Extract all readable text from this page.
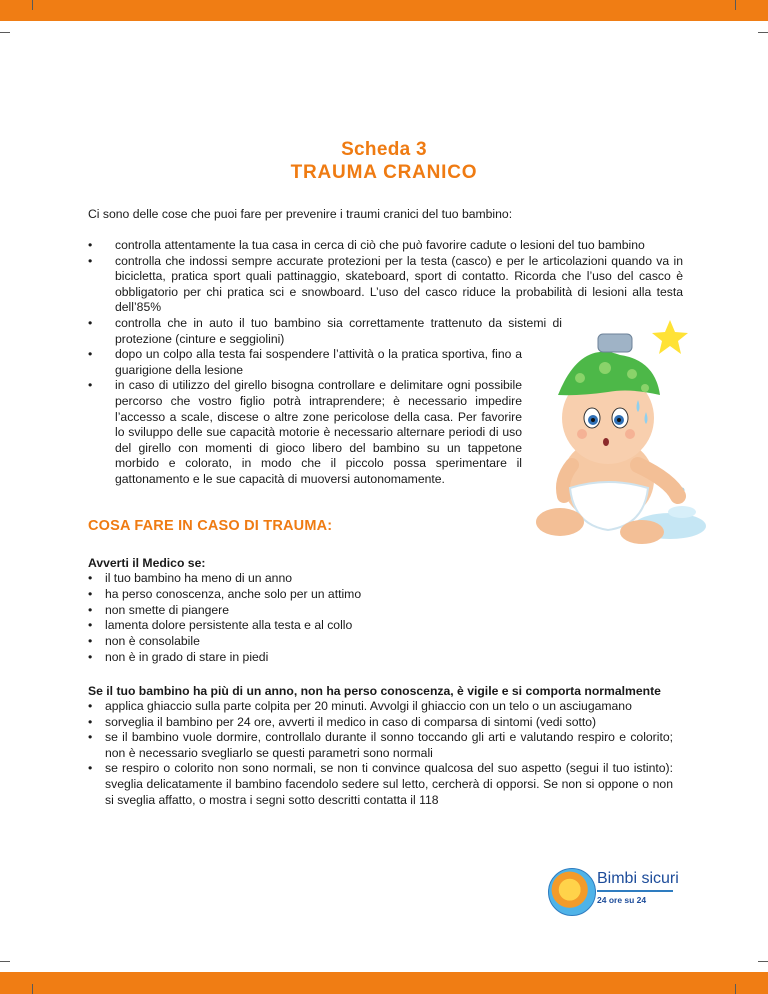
Scheda 3
TRAUMA CRANICO
Ci sono delle cose che puoi fare per prevenire i traumi cranici del tuo bambino:
• controlla attentamente la tua casa in cerca di ciò che può favorire cadute o lesioni del tuo bambino
• controlla che indossi sempre accurate protezioni per la testa (casco) e per le articolazioni quando va in bicicletta, pratica sport quali pattinaggio, skateboard, sport di contatto. Ricorda che l’uso del casco è obbligatorio per chi pratica sci e snowboard. L’uso del casco riduce la probabilità di lesioni alla testa dell’85%
• controlla che in auto il tuo bambino sia correttamente trattenuto da sistemi di protezione (cinture e seggiolini)
• dopo un colpo alla testa fai sospendere l’attività o la pratica sportiva, fino a guarigione della lesione
• in caso di utilizzo del girello bisogna controllare e delimitare ogni possibile percorso che vostro figlio potrà intraprendere; è necessario impedire l’accesso a scale, discese o altre zone pericolose della casa. Per favorire lo sviluppo delle sue capacità motorie è necessario alternare periodi di uso del girello con momenti di gioco libero del bambino su un tappetone morbido e colorato, in modo che il piccolo possa sperimentare il gattonamento e le sue capacità di muoversi autonomamente.
COSA FARE IN CASO DI TRAUMA:
Avverti il Medico se:
• il tuo bambino ha meno di un anno
• ha perso conoscenza, anche solo per un attimo
• non smette di piangere
• lamenta dolore persistente alla testa e al collo
• non è consolabile
• non è in grado di stare in piedi
Se il tuo bambino ha più di un anno, non ha perso conoscenza, è vigile e si comporta normalmente
• applica ghiaccio sulla parte colpita per 20 minuti. Avvolgi il ghiaccio con un telo o un asciugamano
• sorveglia il bambino per 24 ore, avverti il medico in caso di comparsa di sintomi (vedi sotto)
• se il bambino vuole dormire, controllalo durante il sonno toccando gli arti e valutando respiro e colorito; non è necessario svegliarlo se questi parametri sono normali
• se respiro o colorito non sono normali, se non ti convince qualcosa del suo aspetto (segui il tuo istinto): sveglia delicatamente il bambino facendolo sedere sul letto, cercherà di opporsi. Se non si oppone o non si sveglia affatto, o mostra i segni sotto descritti contatta il 118
Bimbi sicuri
24 ore su 24
